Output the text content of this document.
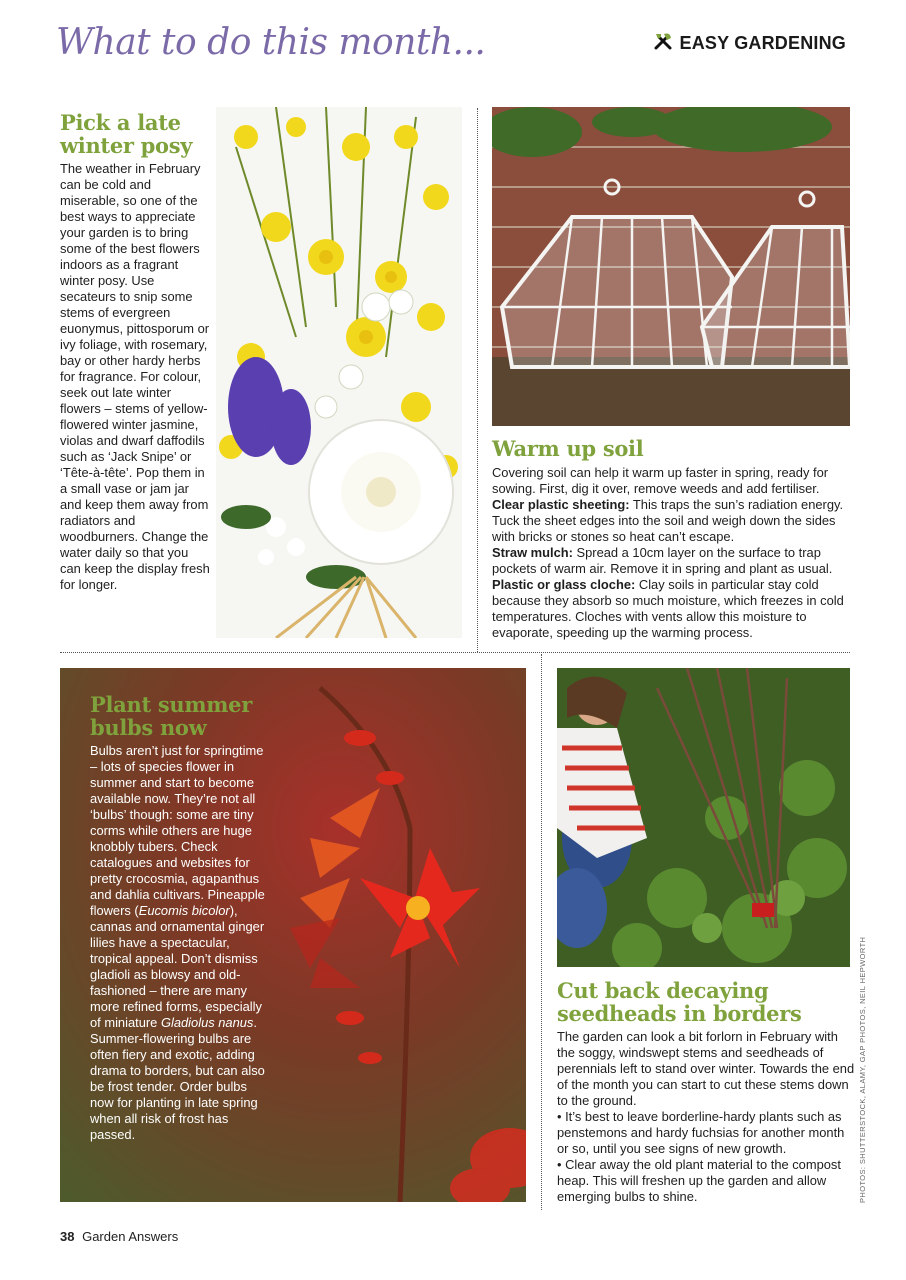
What to do this month...	EASY GARDENING
Pick a late winter posy

The weather in February can be cold and miserable, so one of the best ways to appreciate your garden is to bring some of the best flowers indoors as a fragrant winter posy. Use secateurs to snip some stems of evergreen euonymus, pittosporum or ivy foliage, with rosemary, bay or other hardy herbs for fragrance. For colour, seek out late winter flowers – stems of yellow-flowered winter jasmine, violas and dwarf daffodils such as ‘Jack Snipe’ or ‘Tête-à-tête’. Pop them in a small vase or jam jar and keep them away from radiators and woodburners. Change the water daily so that you can keep the display fresh for longer.

Warm up soil

Covering soil can help it warm up faster in spring, ready for sowing. First, dig it over, remove weeds and add fertiliser.

Clear plastic sheeting: This traps the sun’s radiation energy. Tuck the sheet edges into the soil and weigh down the sides with bricks or stones so heat can’t escape.

Straw mulch: Spread a 10cm layer on the surface to trap pockets of warm air. Remove it in spring and plant as usual.

Plastic or glass cloche: Clay soils in particular stay cold because they absorb so much moisture, which freezes in cold temperatures. Cloches with vents allow this moisture to evaporate, speeding up the warming process.

Plant summer bulbs now

Bulbs aren’t just for springtime – lots of species flower in summer and start to become available now. They’re not all ‘bulbs’ though: some are tiny corms while others are huge knobbly tubers. Check catalogues and websites for pretty crocosmia, agapanthus and dahlia cultivars. Pineapple flowers (Eucomis bicolor), cannas and ornamental ginger lilies have a spectacular, tropical appeal. Don’t dismiss gladioli as blowsy and old-fashioned – there are many more refined forms, especially of miniature Gladiolus nanus. Summer-flowering bulbs are often fiery and exotic, adding drama to borders, but can also be frost tender. Order bulbs now for planting in late spring when all risk of frost has passed.

Cut back decaying seedheads in borders

The garden can look a bit forlorn in February with the soggy, windswept stems and seedheads of perennials left to stand over winter. Towards the end of the month you can start to cut these stems down to the ground.

• It’s best to leave borderline-hardy plants such as penstemons and hardy fuchsias for another month or so, until you see signs of new growth.

• Clear away the old plant material to the compost heap. This will freshen up the garden and allow emerging bulbs to shine.	PHOTOS: SHUTTERSTOCK, ALAMY, GAP PHOTOS, NEIL HEPWORTH
38 Garden Answers
